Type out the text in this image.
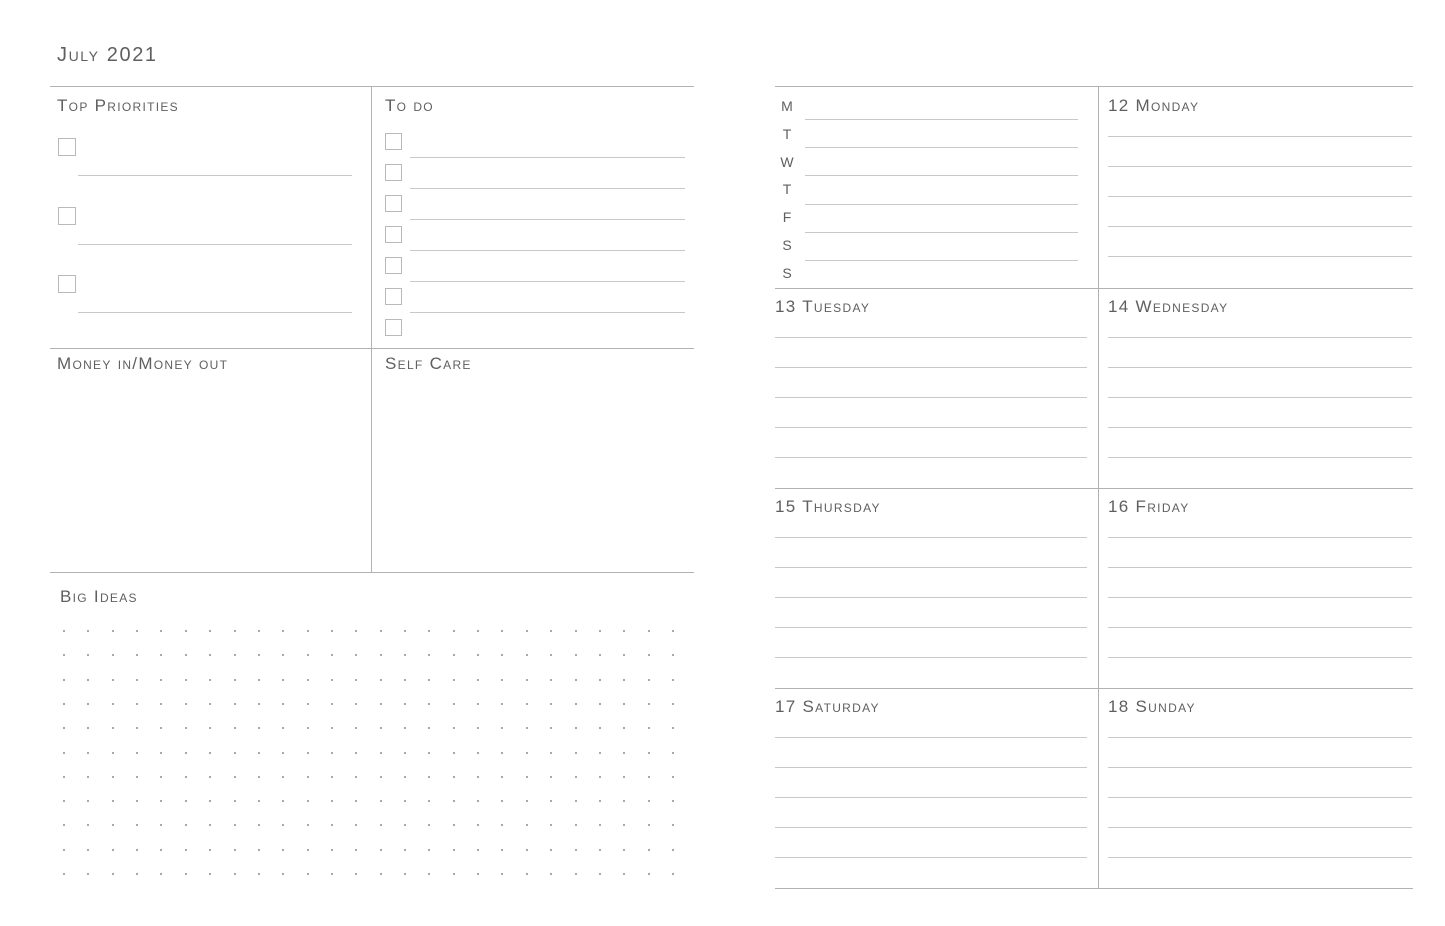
July 2021
Top Priorities	To do
Money in/Money out	Self Care
Big Ideas
M
T
W
T
F
S
S
12 Monday
13 Tuesday	14 Wednesday
15 Thursday	16 Friday
17 Saturday	18 Sunday
